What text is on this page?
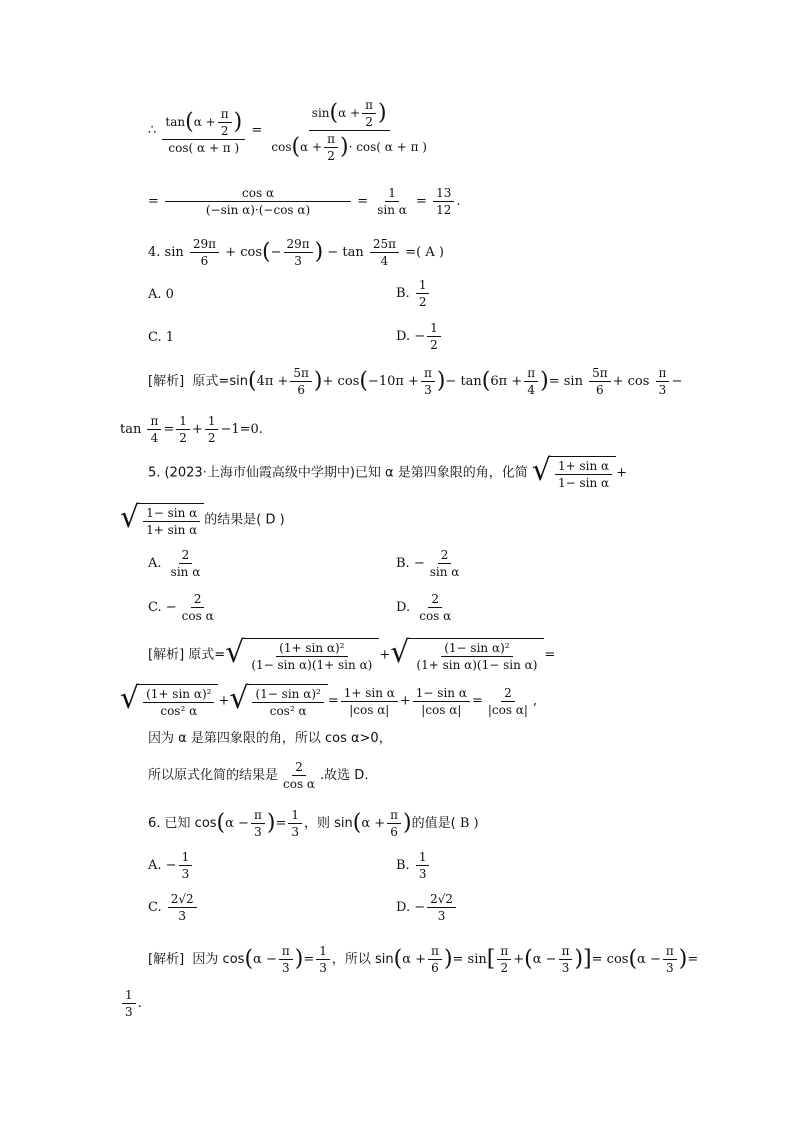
∴ $\frac{\tan(\alpha + \frac{\pi}{2} )}{\cos( \alpha + \pi )} = \frac{\sin(\alpha + \frac{\pi}{2} )}{\cos(\alpha + \frac{\pi}{2} )\cdot \cos( \alpha + \pi )}$
= $\frac{\text{cos α}}{\text{(−sin α)·(−cos α)}} = \frac{1}{\text{sin α}} = \frac{13}{12}$ .
4. $\sin \frac{29\pi}{6} + \cos(- \frac{29\pi}{3}$ ) − $\tan \frac{25\pi}{4}$ =( A )
A. 0	B. $\frac{1}{2}$
C. 1	D. − $\frac{1}{2}$
[解析]  原式$=\sin(4\pi + \frac{5\pi}{6}$ )+ $\cos(-10\pi + \frac{\pi}{3}$ )− $\tan(6\pi + \frac{\pi}{4}$ )= $\sin \frac{5\pi}{6} + \cos \frac{\pi}{3}$ −
$\tan \frac{\pi}{4} = \frac{1}{2} + \frac{1}{2} -1=0$.
5. (2023·上海市仙霞高级中学期中)已知 α 是第四象限的角，化简 √ $\frac{\text{1+ sin α}}{\text{1− sin α}}$ +
√ $\frac{\text{1− sin α}}{\text{1+ sin α}}$ 的结果是( D )
A. $\frac{2}{\text{sin α}}$	B. − $\frac{2}{\text{sin α}}$
C. − $\frac{2}{\text{cos α}}$	D. $\frac{2}{\text{cos α}}$
[解析] 原式= √ $\frac{\text{(1+ sin α)²}}{\text{(1− sin α)(1+ sin α)}}$ + √ $\frac{\text{(1− sin α)²}}{\text{(1+ sin α)(1− sin α)}}$ =
√ $\frac{\text{(1+ sin α)²}}{\text{cos² α}}$ + √ $\frac{\text{(1− sin α)²}}{\text{cos² α}} = \frac{\text{1+ sin α}}{\text{|cos α|}} + \frac{\text{1− sin α}}{\text{|cos α|}} = \frac{2}{\text{|cos α|}}$ ,
因为 α 是第四象限的角，所以 cos α>0，
所以原式化简的结果是 $\frac{2}{\text{cos α}}$ .故选 D.
6. 已知 $\cos(\alpha - \frac{\pi}{3}$ )= $\frac{1}{3}$ ，则 $\sin(\alpha + \frac{\pi}{6}$ )的值是( B )
A. − $\frac{1}{3}$	B. $\frac{1}{3}$
C. $\frac{2√2}{3}$	D. − $\frac{2√2}{3}$
[解析]  因为 $\cos(\alpha - \frac{\pi}{3}$ )= $\frac{1}{3}$ ，所以 $\sin(\alpha + \frac{\pi}{6}$ )= $\sin[ \frac{\pi}{2} +(\alpha - \frac{\pi}{3}$ )]= $\cos(\alpha - \frac{\pi}{3}$ )=
$\frac{1}{3}$ .
